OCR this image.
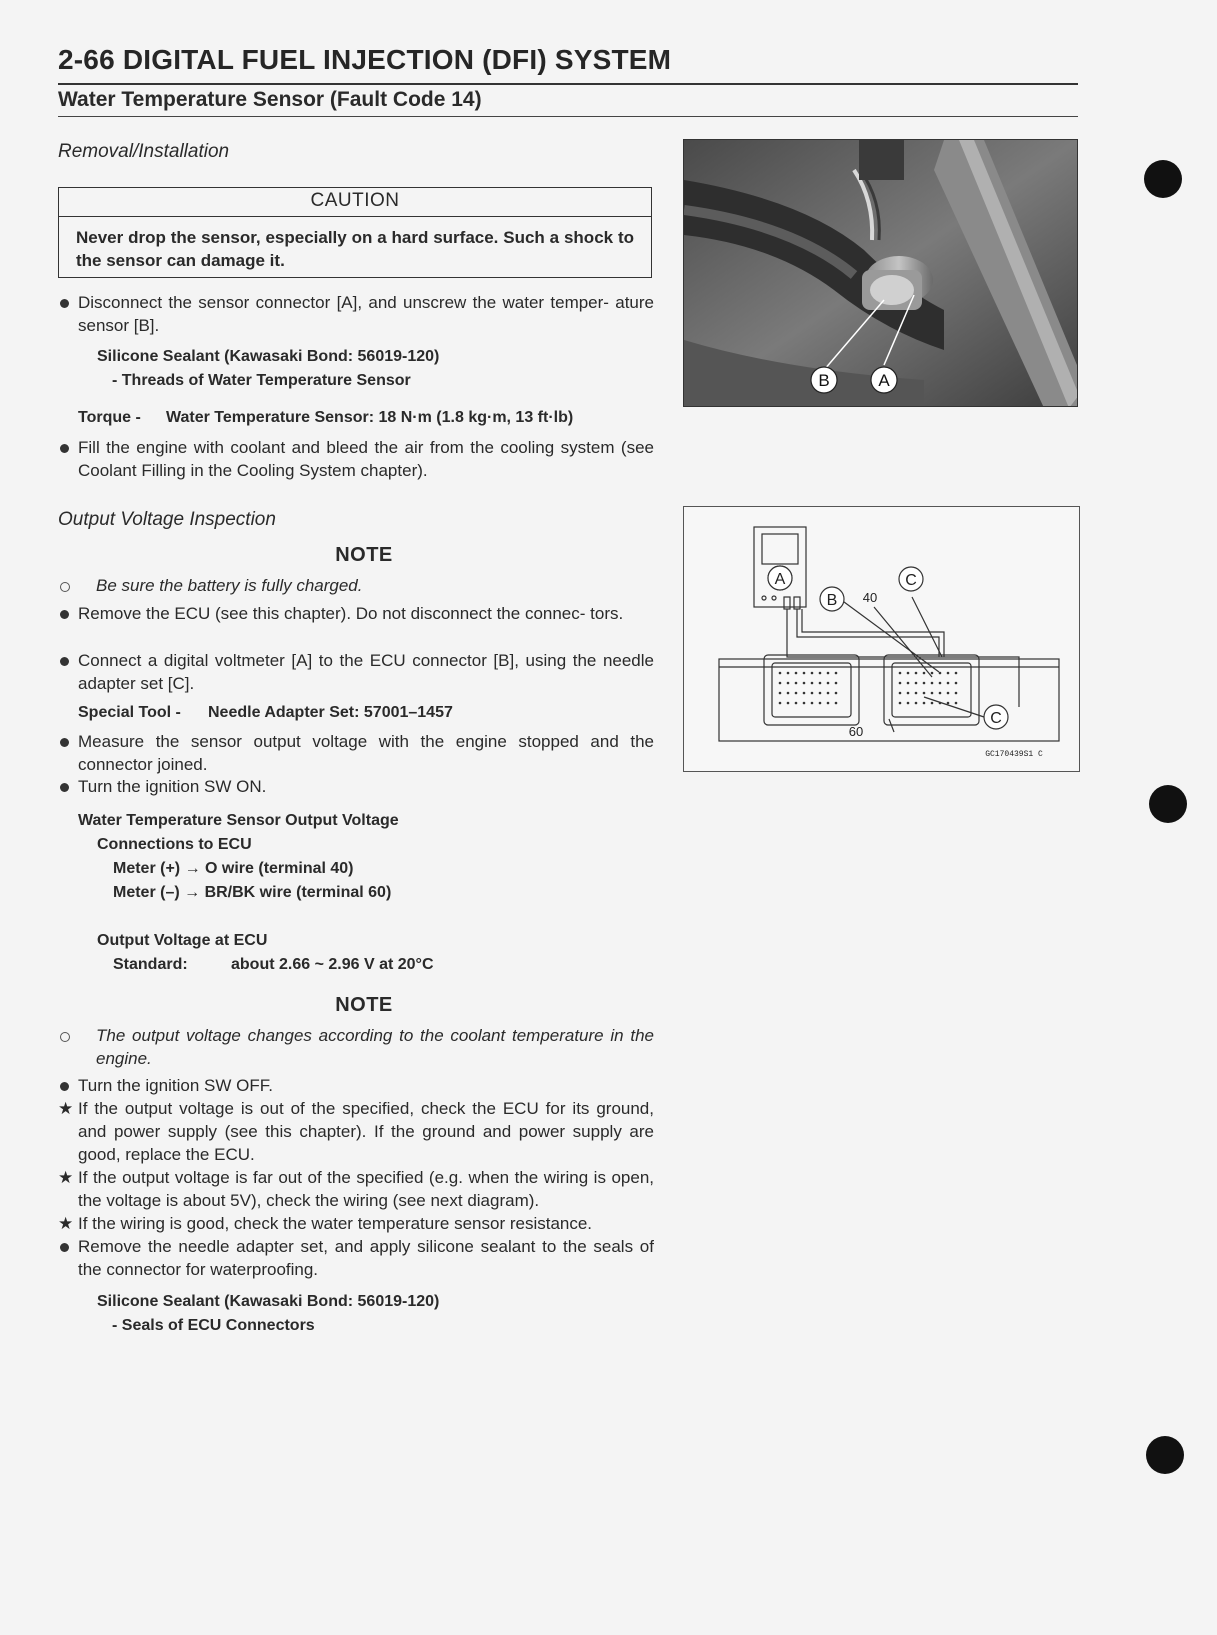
2-66 DIGITAL FUEL INJECTION (DFI) SYSTEM
Water Temperature Sensor (Fault Code 14)
Removal/Installation
CAUTION
Never drop the sensor, especially on a hard surface. Such a shock to the sensor can damage it.
Disconnect the sensor connector [A], and unscrew the water temper- ature sensor [B].
Silicone Sealant (Kawasaki Bond: 56019-120)
- Threads of Water Temperature Sensor
Torque - Water Temperature Sensor: 18 N·m (1.8 kg·m, 13 ft·lb)
Fill the engine with coolant and bleed the air from the cooling system (see Coolant Filling in the Cooling System chapter).
Output Voltage Inspection
NOTE
Be sure the battery is fully charged.
Remove the ECU (see this chapter). Do not disconnect the connec- tors.
Connect a digital voltmeter [A] to the ECU connector [B], using the needle adapter set [C].
Special Tool - Needle Adapter Set: 57001–1457
Measure the sensor output voltage with the engine stopped and the connector joined.
Turn the ignition SW ON.
Water Temperature Sensor Output Voltage
Connections to ECU
Meter (+) → O wire (terminal 40)
Meter (–) → BR/BK wire (terminal 60)
Output Voltage at ECU
Standard:	about 2.66 ~ 2.96 V at 20°C
NOTE
The output voltage changes according to the coolant temperature in the engine.
Turn the ignition SW OFF.
★ If the output voltage is out of the specified, check the ECU for its ground, and power supply (see this chapter). If the ground and power supply are good, replace the ECU.
★ If the output voltage is far out of the specified (e.g. when the wiring is open, the voltage is about 5V), check the wiring (see next diagram).
★ If the wiring is good, check the water temperature sensor resistance.
Remove the needle adapter set, and apply silicone sealant to the seals of the connector for waterproofing.
Silicone Sealant (Kawasaki Bond: 56019-120)
- Seals of ECU Connectors
B	A
A
B
C
C
40
60
GC170439S1 C
